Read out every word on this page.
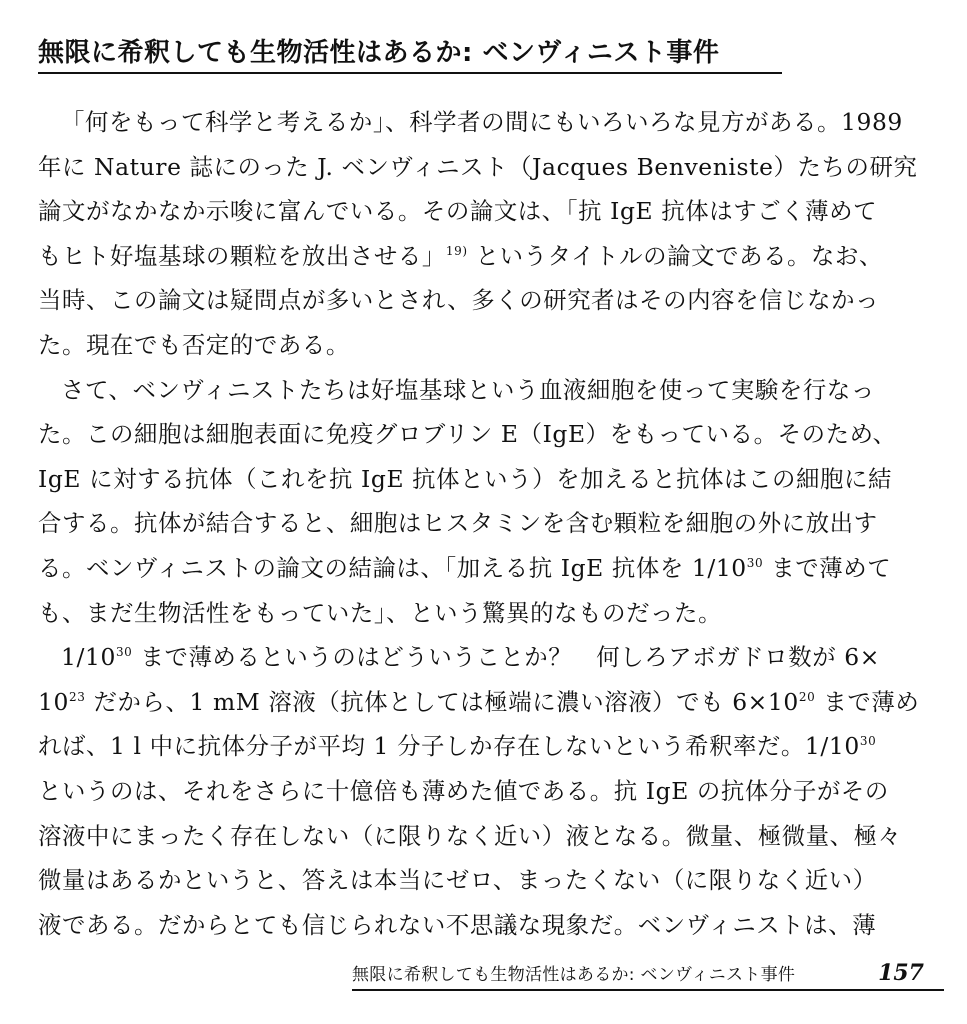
無限に希釈しても生物活性はあるか: ベンヴィニスト事件
「何をもって科学と考えるか」、科学者の間にもいろいろな見方がある。1989
年に Nature 誌にのった J. ベンヴィニスト（Jacques Benveniste）たちの研究
論文がなかなか示唆に富んでいる。その論文は、「抗 IgE 抗体はすごく薄めて
もヒト好塩基球の顆粒を放出させる」$^{19)}$ というタイトルの論文である。なお、
当時、この論文は疑問点が多いとされ、多くの研究者はその内容を信じなかっ
た。現在でも否定的である。
さて、ベンヴィニストたちは好塩基球という血液細胞を使って実験を行なっ
た。この細胞は細胞表面に免疫グロブリン E（IgE）をもっている。そのため、
IgE に対する抗体（これを抗 IgE 抗体という）を加えると抗体はこの細胞に結
合する。抗体が結合すると、細胞はヒスタミンを含む顆粒を細胞の外に放出す
る。ベンヴィニストの論文の結論は、「加える抗 IgE 抗体を $1/10^{30}$ まで薄めて
も、まだ生物活性をもっていた」、という驚異的なものだった。
$1/10^{30}$ まで薄めるというのはどういうことか？　何しろアボガドロ数が 6×
$10^{23}$ だから、1 mM 溶液（抗体としては極端に濃い溶液）でも $6\times 10^{20}$ まで薄め
れば、1 l 中に抗体分子が平均 1 分子しか存在しないという希釈率だ。$1/10^{30}$
というのは、それをさらに十億倍も薄めた値である。抗 IgE の抗体分子がその
溶液中にまったく存在しない（に限りなく近い）液となる。微量、極微量、極々
微量はあるかというと、答えは本当にゼロ、まったくない（に限りなく近い）
液である。だからとても信じられない不思議な現象だ。ベンヴィニストは、薄
無限に希釈しても生物活性はあるか: ベンヴィニスト事件	157
